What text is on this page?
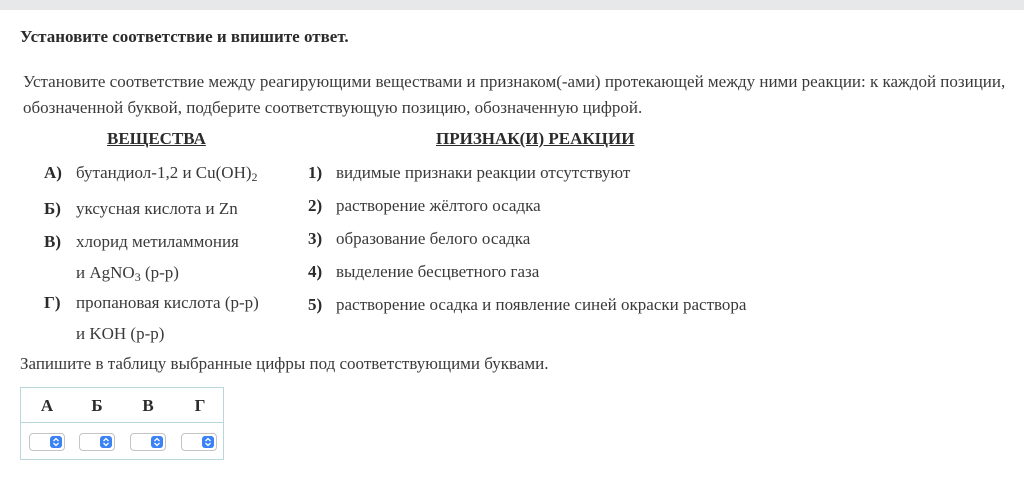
Установите соответствие и впишите ответ.
Установите соответствие между реагирующими веществами и признаком(-ами) протекающей между ними реакции: к каждой позиции, обозначенной буквой, подберите соответствующую позицию, обозначенную цифрой.
ВЕЩЕСТВА	ПРИЗНАК(И) РЕАКЦИИ
А) бутандиол-1,2 и $Cu(OH)_2$
Б) уксусная кислота и Zn
В) хлорид метиламмония
и AgNO$_3$ (р-р)
Г) пропановая кислота (р-р)
и KOH (р-р)
1) видимые признаки реакции отсутствуют
2) растворение жёлтого осадка
3) образование белого осадка
4) выделение бесцветного газа
5) растворение осадка и появление синей окраски раствора
Запишите в таблицу выбранные цифры под соответствующими буквами.
А	Б	В	Г
